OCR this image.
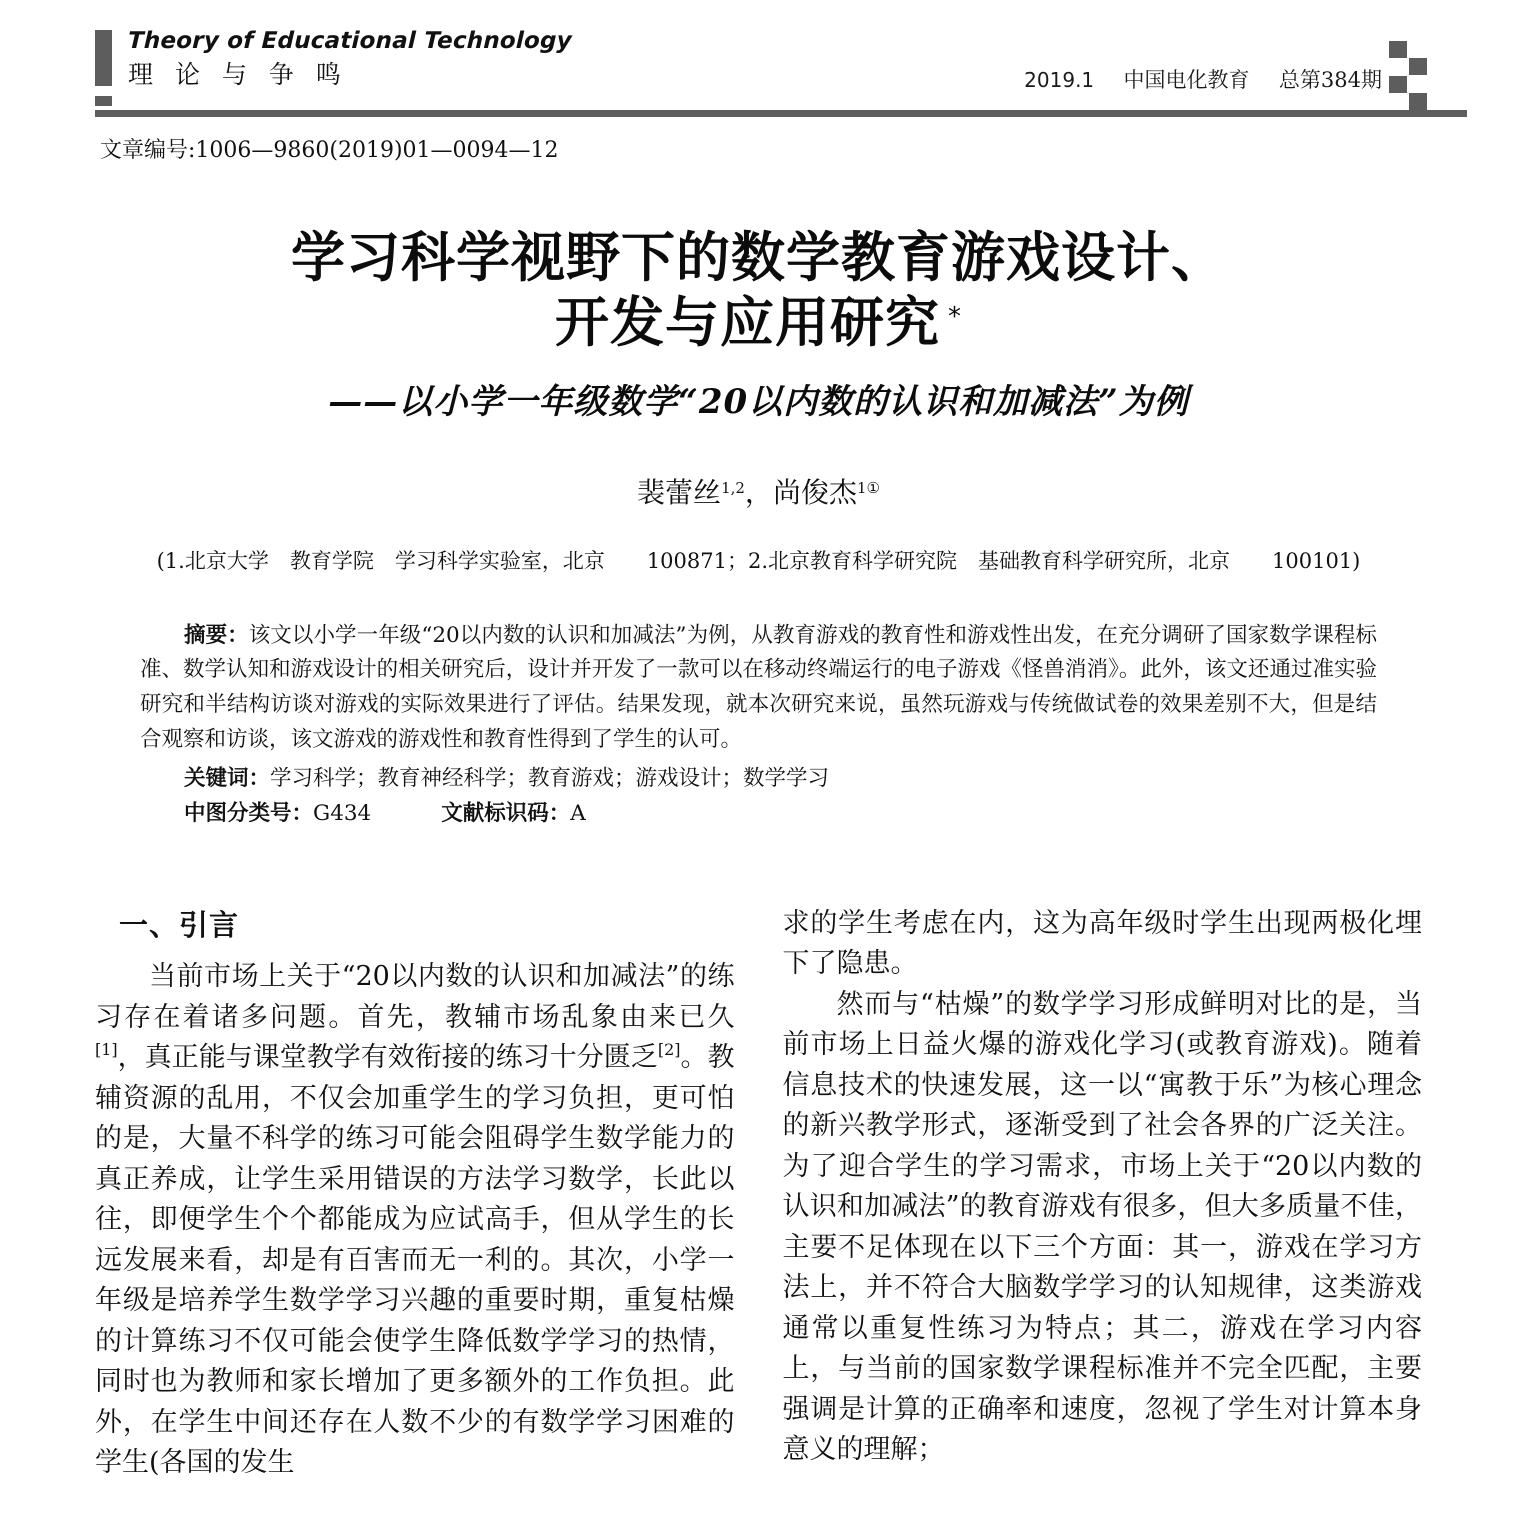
Theory of Educational Technology
理 论 与 争 鸣	2019.1 中国电化教育 总第384期
文章编号:1006—9860(2019)01—0094—12
学习科学视野下的数学教育游戏设计、
开发与应用研究 *
——以小学一年级数学“20以内数的认识和加减法”为例
裴蕾丝$^{1,2}$，尚俊杰$^{1①}$
(1.北京大学　教育学院　学习科学实验室，北京　　100871；2.北京教育科学研究院　基础教育科学研究所，北京　　100101)
摘要：该文以小学一年级“20以内数的认识和加减法”为例，从教育游戏的教育性和游戏性出发，在充分调研了国家数学课程标准、数学认知和游戏设计的相关研究后，设计并开发了一款可以在移动终端运行的电子游戏《怪兽消消》。此外，该文还通过准实验研究和半结构访谈对游戏的实际效果进行了评估。结果发现，就本次研究来说，虽然玩游戏与传统做试卷的效果差别不大，但是结合观察和访谈，该文游戏的游戏性和教育性得到了学生的认可。
关键词：学习科学；教育神经科学；教育游戏；游戏设计；数学学习
中图分类号：G434	文献标识码：A
一、引言

当前市场上关于“20以内数的认识和加减法”的练习存在着诸多问题。首先，教辅市场乱象由来已久[1]，真正能与课堂教学有效衔接的练习十分匮乏[2]。教辅资源的乱用，不仅会加重学生的学习负担，更可怕的是，大量不科学的练习可能会阻碍学生数学能力的真正养成，让学生采用错误的方法学习数学，长此以往，即便学生个个都能成为应试高手，但从学生的长远发展来看，却是有百害而无一利的。其次，小学一年级是培养学生数学学习兴趣的重要时期，重复枯燥的计算练习不仅可能会使学生降低数学学习的热情，同时也为教师和家长增加了更多额外的工作负担。此外，在学生中间还存在人数不少的有数学学习困难的学生(各国的发生

求的学生考虑在内，这为高年级时学生出现两极化埋下了隐患。

然而与“枯燥”的数学学习形成鲜明对比的是，当前市场上日益火爆的游戏化学习(或教育游戏)。随着信息技术的快速发展，这一以“寓教于乐”为核心理念的新兴教学形式，逐渐受到了社会各界的广泛关注。为了迎合学生的学习需求，市场上关于“20以内数的认识和加减法”的教育游戏有很多，但大多质量不佳，主要不足体现在以下三个方面：其一，游戏在学习方法上，并不符合大脑数学学习的认知规律，这类游戏通常以重复性练习为特点；其二，游戏在学习内容上，与当前的国家数学课程标准并不完全匹配，主要强调是计算的正确率和速度，忽视了学生对计算本身意义的理解；
